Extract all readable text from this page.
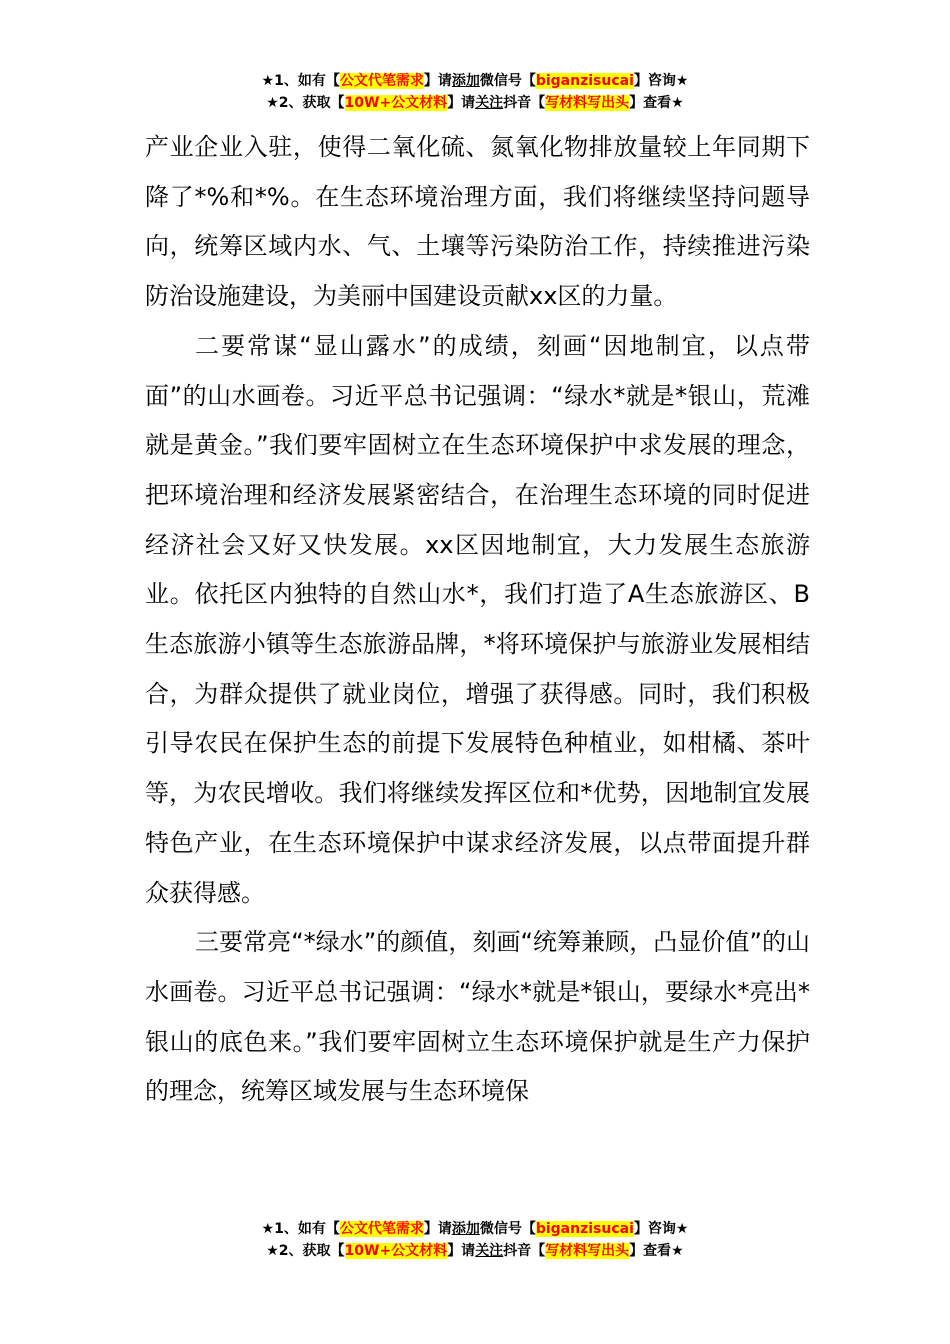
★1、如有【公文代笔需求】请添加微信号【biganzisucai】咨询★
★2、获取【10W+公文材料】请关注抖音【写材料写出头】查看★

产业企业入驻，使得二氧化硫、氮氧化物排放量较上年同期下降了*%和*%。在生态环境治理方面，我们将继续坚持问题导向，统筹区域内水、气、土壤等污染防治工作，持续推进污染防治设施建设，为美丽中国建设贡献xx区的力量。

二要常谋“显山露水”的成绩，刻画“因地制宜，以点带面”的山水画卷。习近平总书记强调：“绿水*就是*银山，荒滩就是黄金。”我们要牢固树立在生态环境保护中求发展的理念，把环境治理和经济发展紧密结合，在治理生态环境的同时促进经济社会又好又快发展。xx区因地制宜，大力发展生态旅游业。依托区内独特的自然山水*，我们打造了A生态旅游区、B生态旅游小镇等生态旅游品牌，*将环境保护与旅游业发展相结合，为群众提供了就业岗位，增强了获得感。同时，我们积极引导农民在保护生态的前提下发展特色种植业，如柑橘、茶叶等，为农民增收。我们将继续发挥区位和*优势，因地制宜发展特色产业，在生态环境保护中谋求经济发展，以点带面提升群众获得感。

三要常亮“*绿水”的颜值，刻画“统筹兼顾，凸显价值”的山水画卷。习近平总书记强调：“绿水*就是*银山，要绿水*亮出*银山的底色来。”我们要牢固树立生态环境保护就是生产力保护的理念，统筹区域发展与生态环境保

★1、如有【公文代笔需求】请添加微信号【biganzisucai】咨询★
★2、获取【10W+公文材料】请关注抖音【写材料写出头】查看★
